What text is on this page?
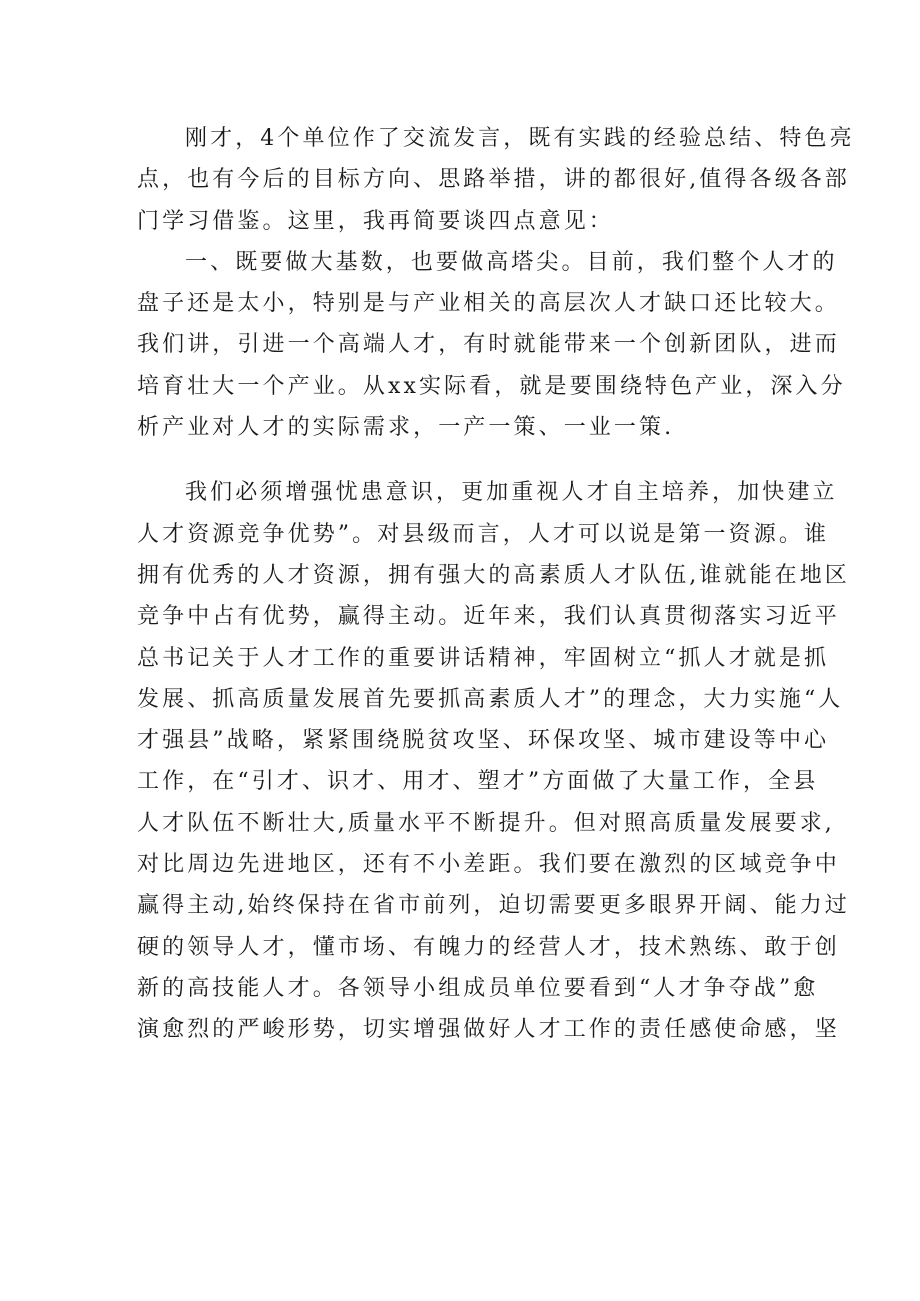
刚才，4个单位作了交流发言，既有实践的经验总结、特色亮
点，也有今后的目标方向、思路举措，讲的都很好,值得各级各部
门学习借鉴。这里，我再简要谈四点意见：
一、既要做大基数，也要做高塔尖。目前，我们整个人才的
盘子还是太小，特别是与产业相关的高层次人才缺口还比较大。
我们讲，引进一个高端人才，有时就能带来一个创新团队，进而
培育壮大一个产业。从xx实际看，就是要围绕特色产业，深入分
析产业对人才的实际需求，一产一策、一业一策.
我们必须增强忧患意识，更加重视人才自主培养，加快建立
人才资源竞争优势”。对县级而言，人才可以说是第一资源。谁
拥有优秀的人才资源，拥有强大的高素质人才队伍,谁就能在地区
竞争中占有优势，赢得主动。近年来，我们认真贯彻落实习近平
总书记关于人才工作的重要讲话精神，牢固树立“抓人才就是抓
发展、抓高质量发展首先要抓高素质人才”的理念，大力实施“人
才强县”战略，紧紧围绕脱贫攻坚、环保攻坚、城市建设等中心
工作，在“引才、识才、用才、塑才”方面做了大量工作，全县
人才队伍不断壮大,质量水平不断提升。但对照高质量发展要求,
对比周边先进地区，还有不小差距。我们要在激烈的区域竞争中
赢得主动,始终保持在省市前列，迫切需要更多眼界开阔、能力过
硬的领导人才，懂市场、有魄力的经营人才，技术熟练、敢于创
新的高技能人才。各领导小组成员单位要看到“人才争夺战”愈
演愈烈的严峻形势，切实增强做好人才工作的责任感使命感，坚
